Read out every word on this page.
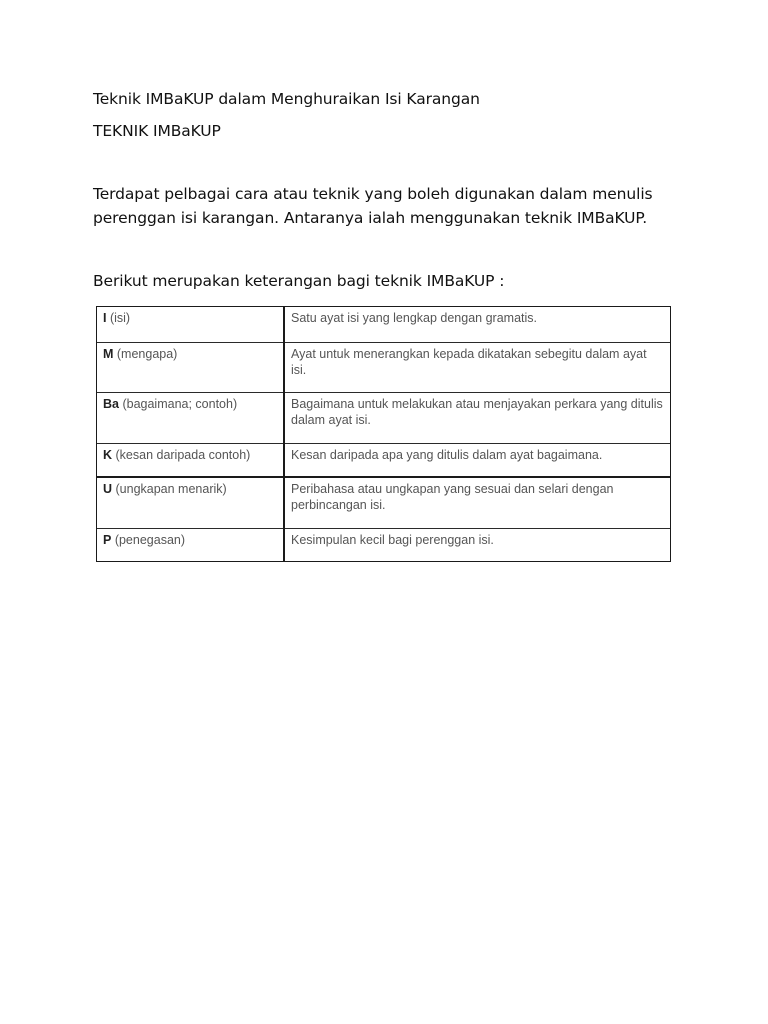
Teknik IMBaKUP dalam Menghuraikan Isi Karangan
TEKNIK IMBaKUP
Terdapat pelbagai cara atau teknik yang boleh digunakan dalam menulis perenggan isi karangan. Antaranya ialah menggunakan teknik IMBaKUP.
Berikut merupakan keterangan bagi teknik IMBaKUP :
I (isi)	Satu ayat isi yang lengkap dengan gramatis.
M (mengapa)	Ayat untuk menerangkan kepada dikatakan sebegitu dalam ayat isi.
Ba (bagaimana; contoh)	Bagaimana untuk melakukan atau menjayakan perkara yang ditulis dalam ayat isi.
K (kesan daripada contoh)	Kesan daripada apa yang ditulis dalam ayat bagaimana.
U (ungkapan menarik)	Peribahasa atau ungkapan yang sesuai dan selari dengan perbincangan isi.
P (penegasan)	Kesimpulan kecil bagi perenggan isi.
